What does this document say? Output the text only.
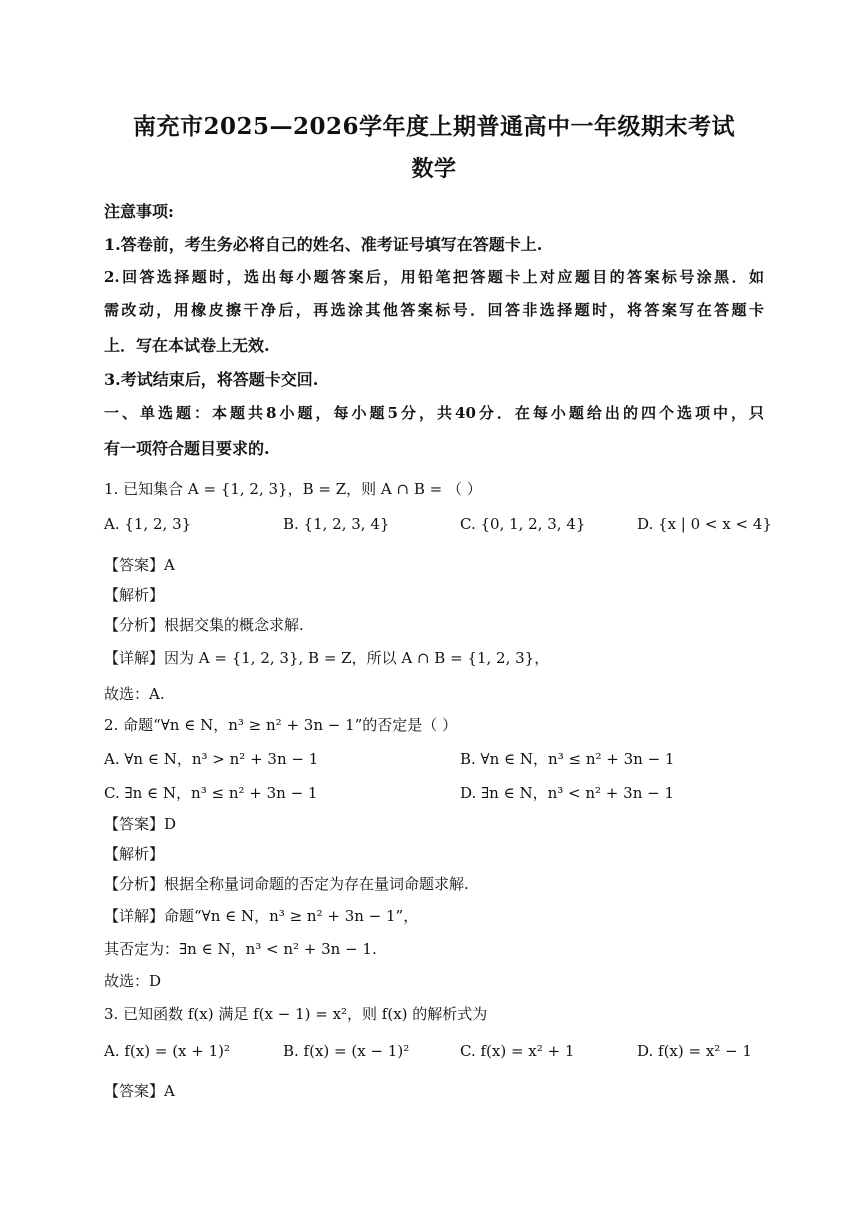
南充市2025—2026学年度上期普通高中一年级期末考试
数学
注意事项:
1.答卷前，考生务必将自己的姓名、准考证号填写在答题卡上.
2.回答选择题时，选出每小题答案后，用铅笔把答题卡上对应题目的答案标号涂黑．如
需改动，用橡皮擦干净后，再选涂其他答案标号．回答非选择题时，将答案写在答题卡
上．写在本试卷上无效.
3.考试结束后，将答题卡交回.
一、单选题：本题共8小题，每小题5分，共40分．在每小题给出的四个选项中，只
有一项符合题目要求的.
1. 已知集合 A = {1, 2, 3}，B = Z，则 A ∩ B = （ ）
A. {1, 2, 3}	B. {1, 2, 3, 4}	C. {0, 1, 2, 3, 4}	D. {x | 0 < x < 4}
【答案】A
【解析】
【分析】根据交集的概念求解.
【详解】因为 A = {1, 2, 3}, B = Z，所以 A ∩ B = {1, 2, 3}，
故选：A.
2. 命题“∀n ∈ N，n³ ≥ n² + 3n − 1”的否定是（ ）
A. ∀n ∈ N，n³ > n² + 3n − 1	B. ∀n ∈ N，n³ ≤ n² + 3n − 1
C. ∃n ∈ N，n³ ≤ n² + 3n − 1	D. ∃n ∈ N，n³ < n² + 3n − 1
【答案】D
【解析】
【分析】根据全称量词命题的否定为存在量词命题求解.
【详解】命题“∀n ∈ N，n³ ≥ n² + 3n − 1”，
其否定为：∃n ∈ N，n³ < n² + 3n − 1.
故选：D
3. 已知函数 f(x) 满足 f(x − 1) = x²，则 f(x) 的解析式为
A. f(x) = (x + 1)²	B. f(x) = (x − 1)²	C. f(x) = x² + 1	D. f(x) = x² − 1
【答案】A
